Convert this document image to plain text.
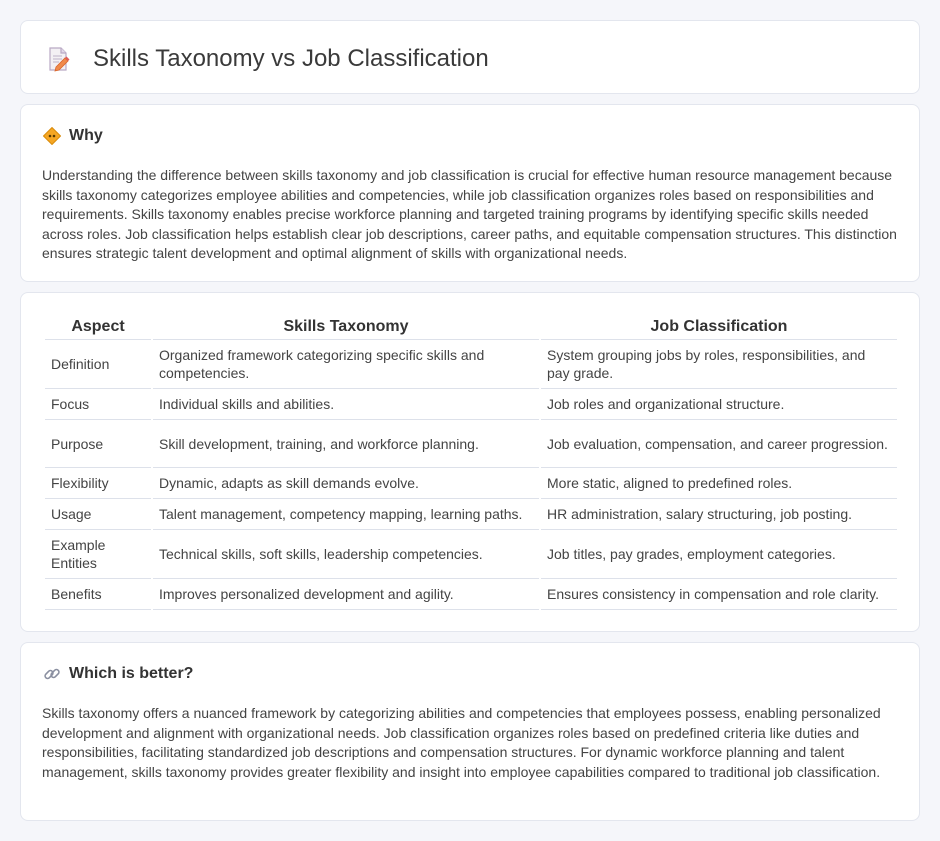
Skills Taxonomy vs Job Classification
Why

Understanding the difference between skills taxonomy and job classification is crucial for effective human resource management because skills taxonomy categorizes employee abilities and competencies, while job classification organizes roles based on responsibilities and requirements. Skills taxonomy enables precise workforce planning and targeted training programs by identifying specific skills needed across roles. Job classification helps establish clear job descriptions, career paths, and equitable compensation structures. This distinction ensures strategic talent development and optimal alignment of skills with organizational needs.

Aspect	Skills Taxonomy	Job Classification
Definition	Organized framework categorizing specific skills and competencies.	System grouping jobs by roles, responsibilities, and pay grade.
Focus	Individual skills and abilities.	Job roles and organizational structure.
Purpose	Skill development, training, and workforce planning.	Job evaluation, compensation, and career progression.
Flexibility	Dynamic, adapts as skill demands evolve.	More static, aligned to predefined roles.
Usage	Talent management, competency mapping, learning paths.	HR administration, salary structuring, job posting.
Example Entities	Technical skills, soft skills, leadership competencies.	Job titles, pay grades, employment categories.
Benefits	Improves personalized development and agility.	Ensures consistency in compensation and role clarity.
Which is better?

Skills taxonomy offers a nuanced framework by categorizing abilities and competencies that employees possess, enabling personalized development and alignment with organizational needs. Job classification organizes roles based on predefined criteria like duties and responsibilities, facilitating standardized job descriptions and compensation structures. For dynamic workforce planning and talent management, skills taxonomy provides greater flexibility and insight into employee capabilities compared to traditional job classification.
